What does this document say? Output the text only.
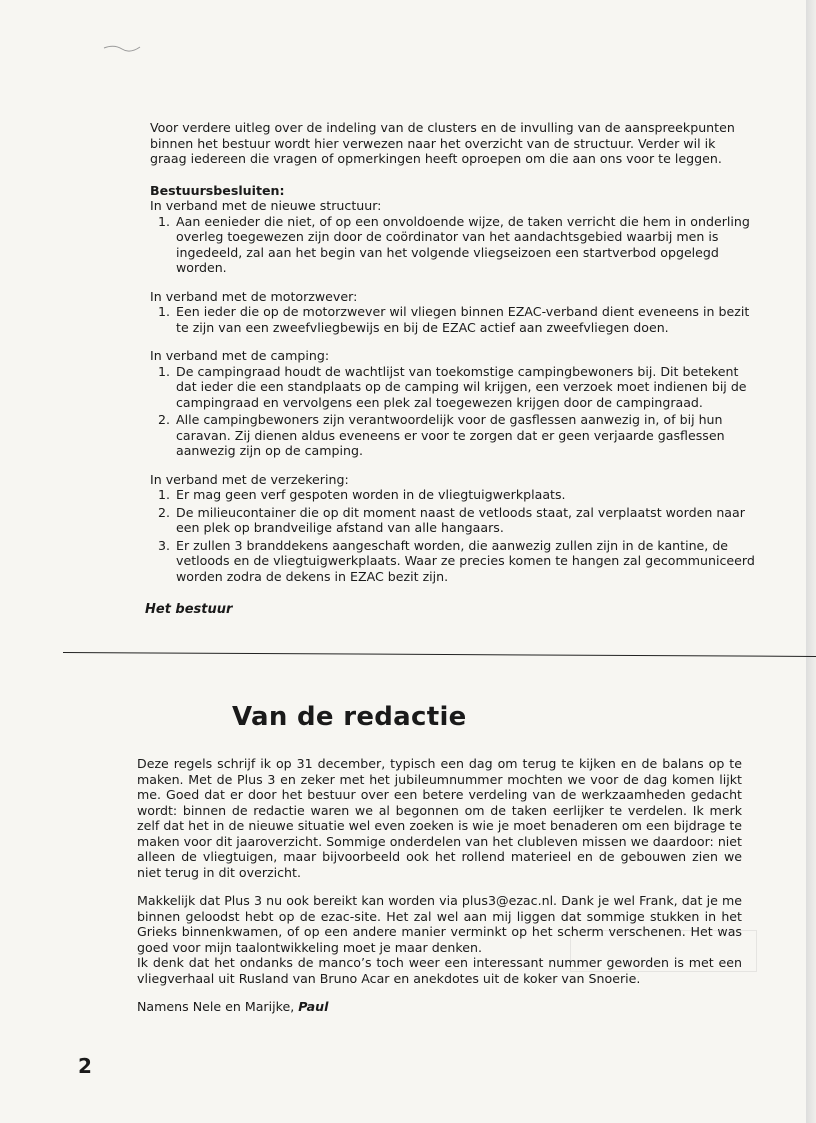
Voor verdere uitleg over de indeling van de clusters en de invulling van de aanspreekpunten binnen het bestuur wordt hier verwezen naar het overzicht van de structuur. Verder wil ik graag iedereen die vragen of opmerkingen heeft oproepen om die aan ons voor te leggen.

Bestuursbesluiten:
In verband met de nieuwe structuur:
1. Aan eenieder die niet, of op een onvoldoende wijze, de taken verricht die hem in onderling overleg toegewezen zijn door de coördinator van het aandachtsgebied waarbij men is ingedeeld, zal aan het begin van het volgende vliegseizoen een startverbod opgelegd worden.
In verband met de motorzwever:
1. Een ieder die op de motorzwever wil vliegen binnen EZAC-verband dient eveneens in bezit te zijn van een zweefvliegbewijs en bij de EZAC actief aan zweefvliegen doen.
In verband met de camping:
1. De campingraad houdt de wachtlijst van toekomstige campingbewoners bij. Dit betekent dat ieder die een standplaats op de camping wil krijgen, een verzoek moet indienen bij de campingraad en vervolgens een plek zal toegewezen krijgen door de campingraad.
2. Alle campingbewoners zijn verantwoordelijk voor de gasflessen aanwezig in, of bij hun caravan. Zij dienen aldus eveneens er voor te zorgen dat er geen verjaarde gasflessen aanwezig zijn op de camping.
In verband met de verzekering:
1. Er mag geen verf gespoten worden in de vliegtuigwerkplaats.
2. De milieucontainer die op dit moment naast de vetloods staat, zal verplaatst worden naar een plek op brandveilige afstand van alle hangaars.
3. Er zullen 3 branddekens aangeschaft worden, die aanwezig zullen zijn in de kantine, de vetloods en de vliegtuigwerkplaats. Waar ze precies komen te hangen zal gecommuniceerd worden zodra de dekens in EZAC bezit zijn.
Het bestuur
Van de redactie

Deze regels schrijf ik op 31 december, typisch een dag om terug te kijken en de balans op te maken. Met de Plus 3 en zeker met het jubileumnummer mochten we voor de dag komen lijkt me. Goed dat er door het bestuur over een betere verdeling van de werkzaamheden gedacht wordt: binnen de redactie waren we al begonnen om de taken eerlijker te verdelen. Ik merk zelf dat het in de nieuwe situatie wel even zoeken is wie je moet benaderen om een bijdrage te maken voor dit jaaroverzicht. Sommige onderdelen van het clubleven missen we daardoor: niet alleen de vliegtuigen, maar bijvoorbeeld ook het rollend materieel en de gebouwen zien we niet terug in dit overzicht.

Makkelijk dat Plus 3 nu ook bereikt kan worden via plus3@ezac.nl. Dank je wel Frank, dat je me binnen geloodst hebt op de ezac-site. Het zal wel aan mij liggen dat sommige stukken in het Grieks binnenkwamen, of op een andere manier verminkt op het scherm verschenen. Het was goed voor mijn taalontwikkeling moet je maar denken.

Ik denk dat het ondanks de manco’s toch weer een interessant nummer geworden is met een vliegverhaal uit Rusland van Bruno Acar en anekdotes uit de koker van Snoerie.

Namens Nele en Marijke, Paul
2
